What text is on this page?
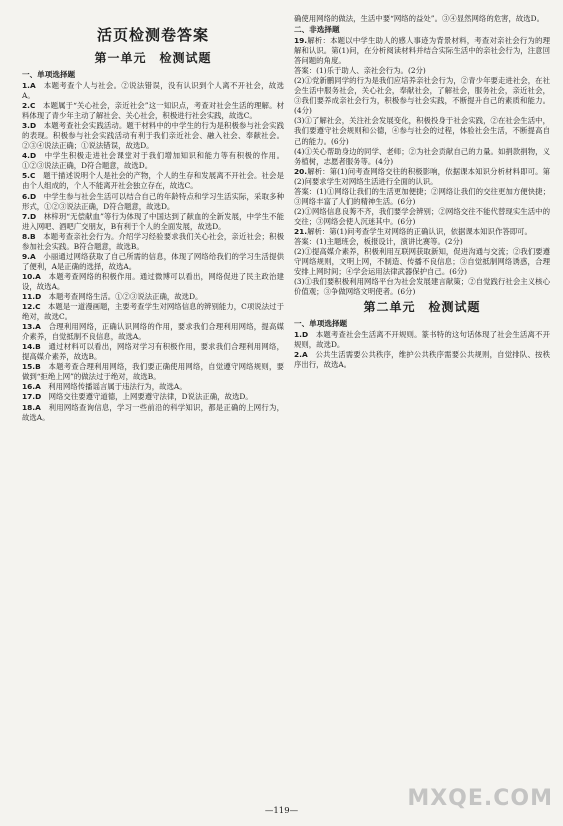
活页检测卷答案
第一单元　检测试题
一、单项选择题

1.A　 本题考查个人与社会。②说法错误，没有认识到个人离不开社会，故选A。

2.C　 本题属于“关心社会，亲近社会”这一知识点，考查对社会生活的理解。材料体现了青少年主动了解社会、关心社会，积极进行社会实践，故选C。

3.D　 本题考查社会实践活动。题干材料中的中学生的行为是积极参与社会实践的表现。积极参与社会实践活动有利于我们亲近社会、融入社会、奉献社会。②③④说法正确；①说法错误，故选D。

4.D　 中学生积极走进社会课堂对于我们增加知识和能力等有积极的作用。①②③说法正确，D符合题意，故选D。

5.C　 题干描述说明个人是社会的产物，个人的生存和发展离不开社会。社会是由个人组成的，个人不能离开社会独立存在，故选C。

6.D　 中学生参与社会生活可以结合自己的年龄特点和学习生活实际，采取多种形式，①②③说法正确，D符合题意，故选D。

7.D　 林梓玥“无偿献血”等行为体现了中国达到了献血的全新发展，中学生不能进入网吧、酒吧广交朋友，B有利于个人的全面发展，故选D。

8.B　 本题考查亲社会行为。介绍学习经验要求我们关心社会，亲近社会；积极参加社会实践。B符合题意，故选B。

9.A　 小丽通过网络获取了自己所需的信息，体现了网络给我们的学习生活提供了便利，A是正确的选择，故选A。

10.A　 本题考查网络的积极作用。通过微博可以看出，网络促进了民主政治建设，故选A。

11.D　 本题考查网络生活。①②③说法正确，故选D。

12.C　 本题是一道漫画题，主要考查学生对网络信息的辨别能力，C项说法过于绝对，故选C。

13.A　 合理利用网络，正确认识网络的作用，要求我们合理利用网络，提高媒介素养，自觉抵制不良信息，故选A。

14.B　 通过材料可以看出，网络对学习有积极作用，要求我们合理利用网络，提高媒介素养，故选B。

15.B　 本题考查合理利用网络，我们要正确使用网络，自觉遵守网络规则，要做到“拒绝上网”的做法过于绝对，故选B。

16.A　 利用网络传播谣言属于违法行为，故选A。

17.D　 网络交往要遵守道德，上网要遵守法律，D说法正确，故选D。

18.A　 利用网络查询信息，学习一些前沿的科学知识，都是正确的上网行为，故选A。

确使用网络的做法，生活中要“网络的益处”。③④显然网络的危害，故选D。

二、非选择题

19.解析：本题以中学生助人的感人事迹为背景材料，考查对亲社会行为的理解和认识。第(1)问，在分析阅读材料并结合实际生活中的亲社会行为，注意回答问题的角度。

答案：(1)乐于助人、亲社会行为。(2分)

(2)①党新鹏同学的行为是我们应培养亲社会行为，②青少年要走进社会，在社会生活中服务社会，关心社会，奉献社会，了解社会，服务社会，亲近社会，③我们要养成亲社会行为，积极参与社会实践，不断提升自己的素质和能力。(4分)

(3)①了解社会，关注社会发展变化，积极投身于社会实践，②在社会生活中，我们要遵守社会规则和公德，④参与社会的过程，体验社会生活，不断提高自己的能力。(6分)

(4)①关心帮助身边的同学、老师；②为社会贡献自己的力量。如捐款捐物，义务植树，志愿者服务等。(4分)

20.解析：第(1)问考查网络交往的积极影响，依据课本知识分析材料即可。第(2)问要求学生对网络生活进行全面的认识。

答案：(1)①网络让我们的生活更加便捷；②网络让我们的交往更加方便快捷；③网络丰富了人们的精神生活。(6分)

(2)①网络信息良莠不齐，我们要学会辨别；②网络交往不能代替现实生活中的交往；③网络会使人沉迷其中。(6分)

21.解析：第(1)问考查学生对网络的正确认识，依据课本知识作答即可。

答案：(1)主题班会，板报设计，演讲比赛等。(2分)

(2)①提高媒介素养，积极利用互联网获取新知，促进沟通与交流；②我们要遵守网络规则，文明上网，不制造、传播不良信息；③自觉抵制网络诱惑，合理安排上网时间；④学会运用法律武器保护自己。(6分)

(3)①我们要积极利用网络平台为社会发展建言献策；②自觉践行社会主义核心价值观；③争做网络文明使者。(6分)

第二单元　检测试题
一、单项选择题

1.D　 本题考查社会生活离不开规则。篆书特的这句话体现了社会生活离不开规则，故选D。

2.A　 公共生活需要公共秩序，维护公共秩序需要公共规则，自觉排队、按秩序出行，故选A。

—119—	MXQE.COM
